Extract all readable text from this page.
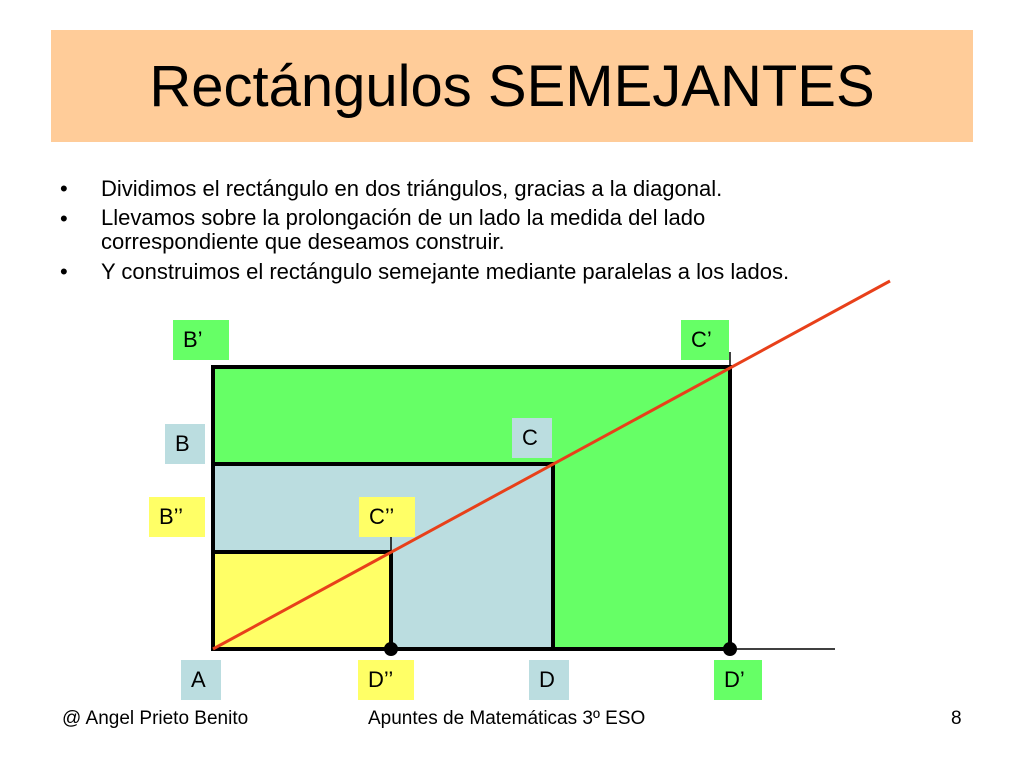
Rectángulos SEMEJANTES
• Dividimos el rectángulo en dos triángulos, gracias a la diagonal.
• Llevamos sobre la prolongación de un lado la medida del lado correspondiente que deseamos construir.
• Y construimos el rectángulo semejante mediante paralelas a los lados.
B’	C’
B	C
B’’	C’’
A	D’’	D	D’
@ Angel Prieto Benito	Apuntes de Matemáticas 3º ESO	8
